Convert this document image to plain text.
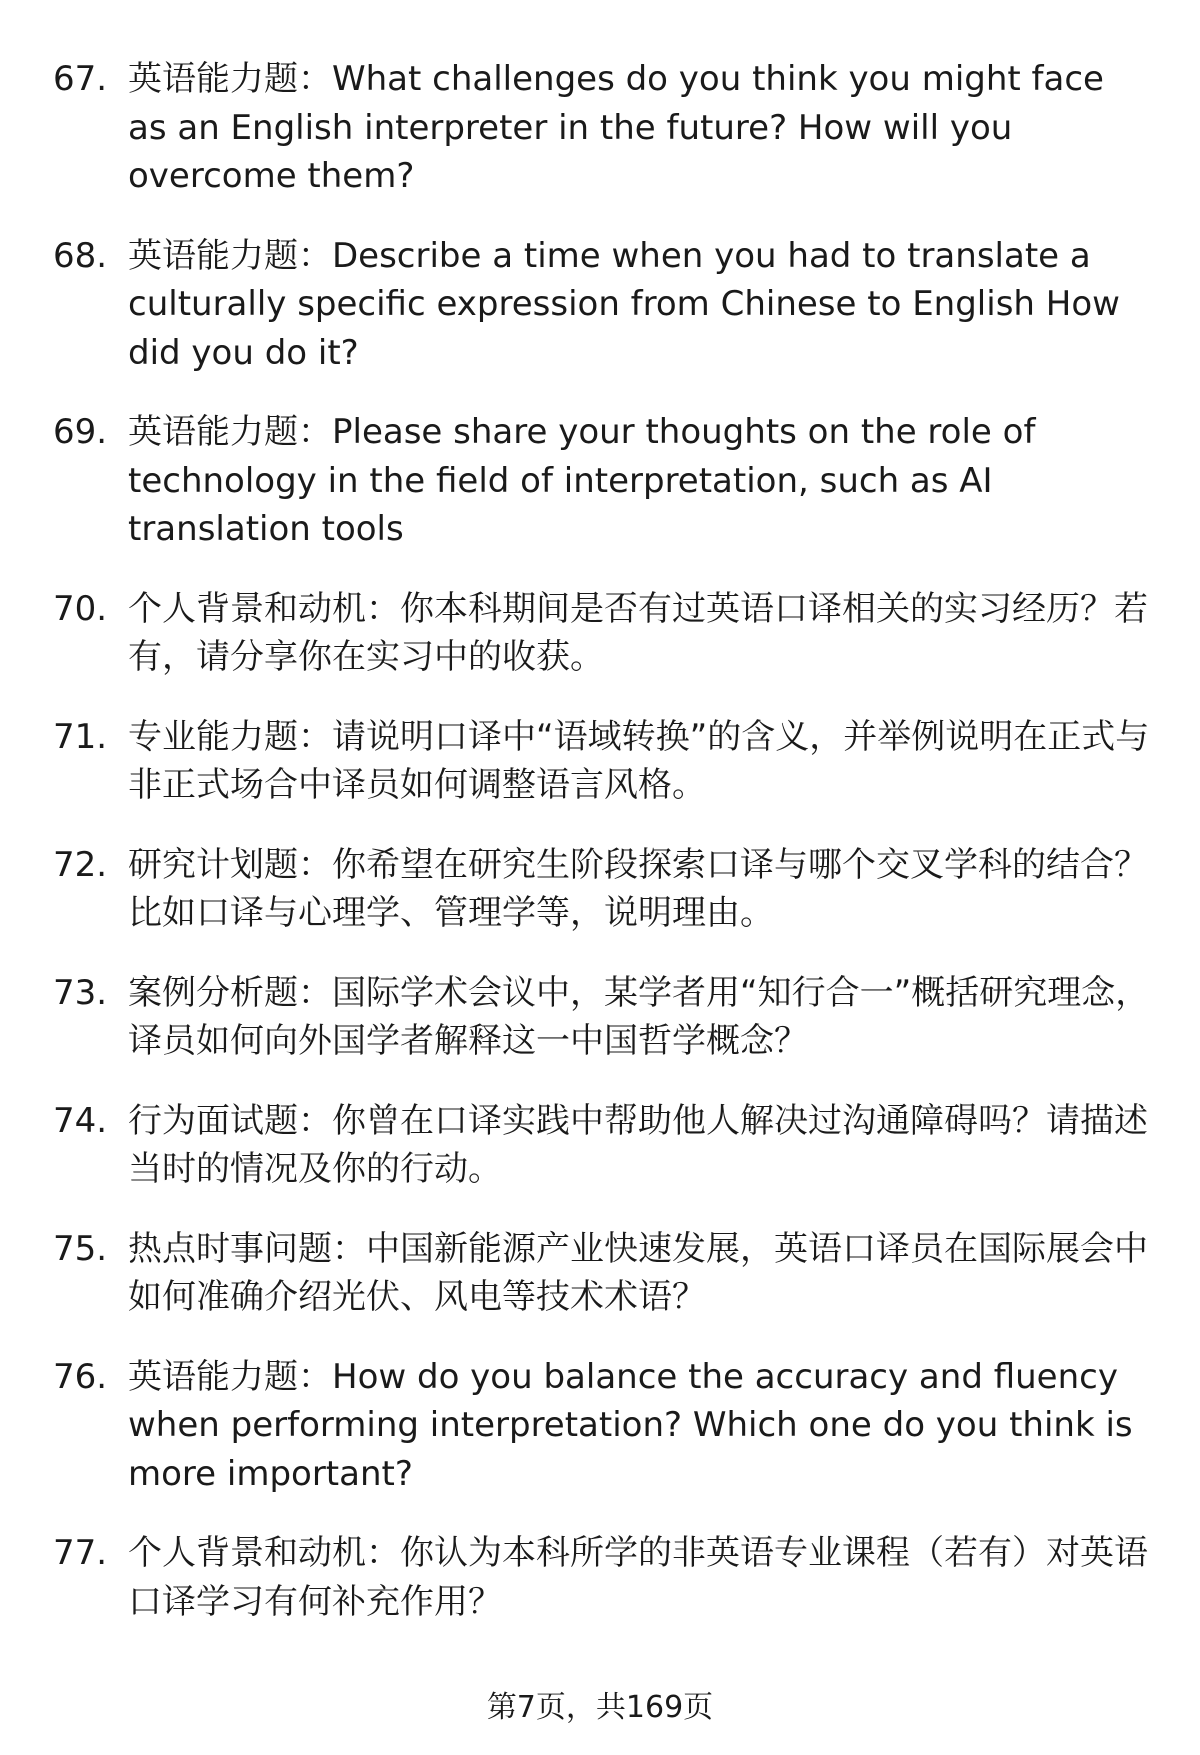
67. 英语能力题：What challenges do you think you might face as an English interpreter in the future? How will you overcome them?
68. 英语能力题：Describe a time when you had to translate a culturally specific expression from Chinese to English How did you do it?
69. 英语能力题：Please share your thoughts on the role of technology in the field of interpretation, such as AI translation tools
70. 个人背景和动机：你本科期间是否有过英语口译相关的实习经历？若有，请分享你在实习中的收获。
71. 专业能力题：请说明口译中“语域转换”的含义，并举例说明在正式与非正式场合中译员如何调整语言风格。
72. 研究计划题：你希望在研究生阶段探索口译与哪个交叉学科的结合？比如口译与心理学、管理学等，说明理由。
73. 案例分析题：国际学术会议中，某学者用“知行合一”概括研究理念，译员如何向外国学者解释这一中国哲学概念？
74. 行为面试题：你曾在口译实践中帮助他人解决过沟通障碍吗？请描述当时的情况及你的行动。
75. 热点时事问题：中国新能源产业快速发展，英语口译员在国际展会中如何准确介绍光伏、风电等技术术语？
76. 英语能力题：How do you balance the accuracy and fluency when performing interpretation? Which one do you think is more important?
77. 个人背景和动机：你认为本科所学的非英语专业课程（若有）对英语口译学习有何补充作用？
第7页，共169页
